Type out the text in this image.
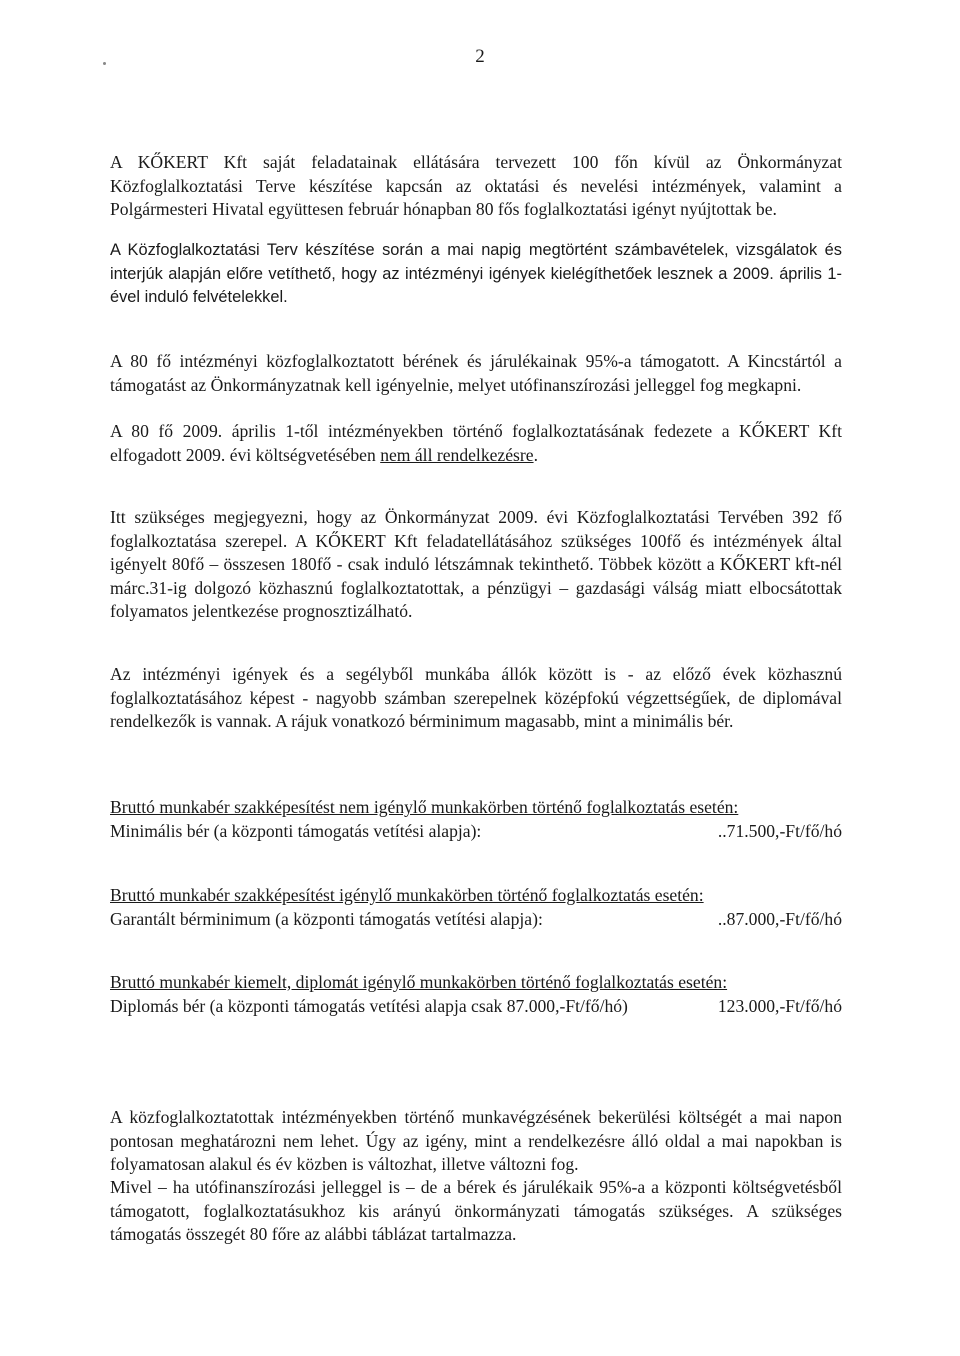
2

A KŐKERT Kft saját feladatainak ellátására tervezett 100 főn kívül az Önkormányzat Közfoglalkoztatási Terve készítése kapcsán az oktatási és nevelési intézmények, valamint a Polgármesteri Hivatal együttesen február hónapban 80 fős foglalkoztatási igényt nyújtottak be.

A Közfoglalkoztatási Terv készítése során a mai napig megtörtént számbavételek, vizsgálatok és interjúk alapján előre vetíthető, hogy az intézményi igények kielégíthetőek lesznek a 2009. április 1-ével induló felvételekkel.

A 80 fő intézményi közfoglalkoztatott bérének és járulékainak 95%-a támogatott. A Kincstártól a támogatást az Önkormányzatnak kell igényelnie, melyet utófinanszírozási jelleggel fog megkapni.

A 80 fő 2009. április 1-től intézményekben történő foglalkoztatásának fedezete a KŐKERT Kft elfogadott 2009. évi költségvetésében nem áll rendelkezésre.

Itt szükséges megjegyezni, hogy az Önkormányzat 2009. évi Közfoglalkoztatási Tervében 392 fő foglalkoztatása szerepel. A KŐKERT Kft feladatellátásához szükséges 100fő és intézmények által igényelt 80fő – összesen 180fő - csak induló létszámnak tekinthető. Többek között a KŐKERT kft-nél márc.31-ig dolgozó közhasznú foglalkoztatottak, a pénzügyi – gazdasági válság miatt elbocsátottak folyamatos jelentkezése prognosztizálható.

Az intézményi igények és a segélyből munkába állók között is - az előző évek közhasznú foglalkoztatásához képest - nagyobb számban szerepelnek középfokú végzettségűek, de diplomával rendelkezők is vannak. A rájuk vonatkozó bérminimum magasabb, mint a minimális bér.

Bruttó munkabér szakképesítést nem igénylő munkakörben történő foglalkoztatás esetén:

Minimális bér (a központi támogatás vetítési alapja):	..71.500,-Ft/fő/hó

Bruttó munkabér szakképesítést igénylő munkakörben történő foglalkoztatás esetén:

Garantált bérminimum (a központi támogatás vetítési alapja):	..87.000,-Ft/fő/hó

Bruttó munkabér kiemelt, diplomát igénylő munkakörben történő foglalkoztatás esetén:

Diplomás bér (a központi támogatás vetítési alapja csak 87.000,-Ft/fő/hó)	123.000,-Ft/fő/hó

A közfoglalkoztatottak intézményekben történő munkavégzésének bekerülési költségét a mai napon pontosan meghatározni nem lehet. Úgy az igény, mint a rendelkezésre álló oldal a mai napokban is folyamatosan alakul és év közben is változhat, illetve változni fog.

Mivel – ha utófinanszírozási jelleggel is – de a bérek és járulékaik 95%-a a központi költségvetésből támogatott, foglalkoztatásukhoz kis arányú önkormányzati támogatás szükséges. A szükséges támogatás összegét 80 főre az alábbi táblázat tartalmazza.
